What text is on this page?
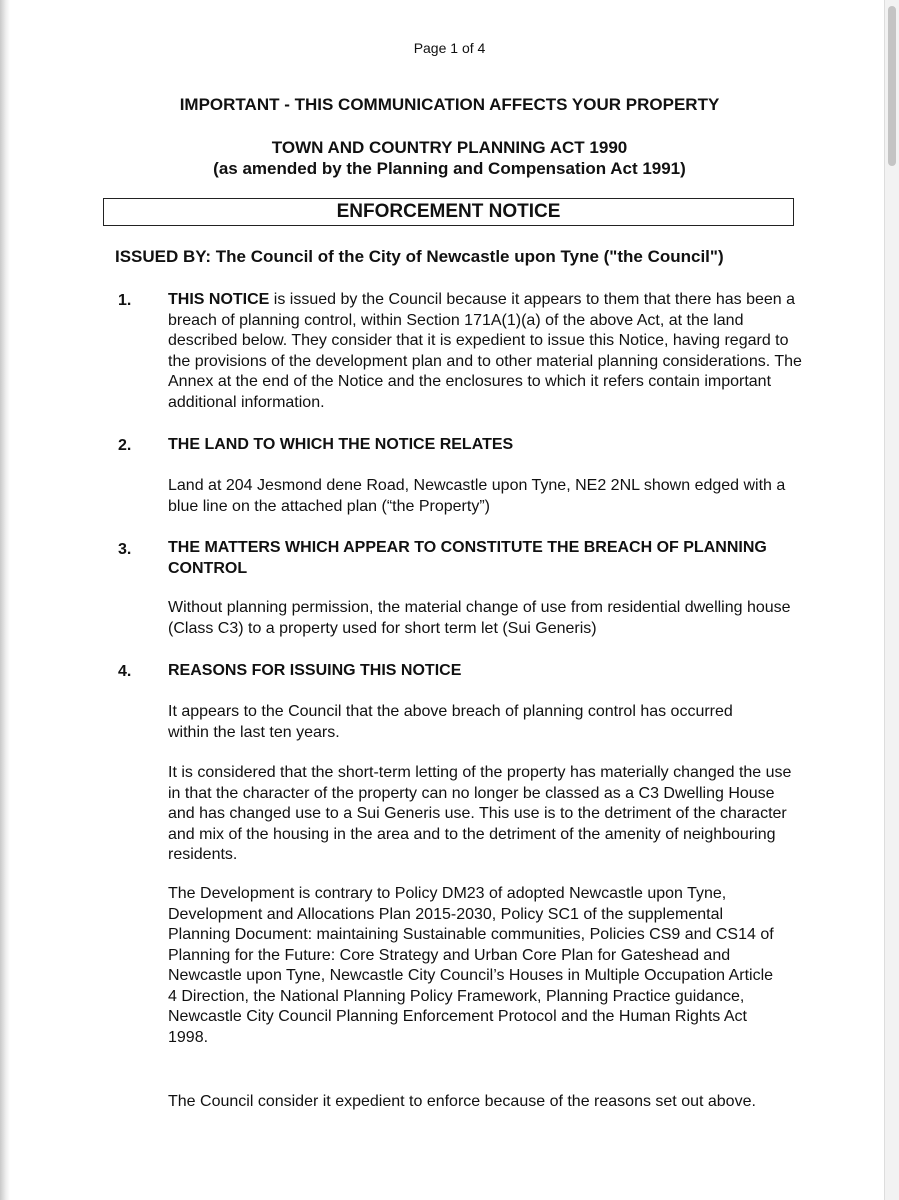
Page 1 of 4
IMPORTANT - THIS COMMUNICATION AFFECTS YOUR PROPERTY
TOWN AND COUNTRY PLANNING ACT 1990
(as amended by the Planning and Compensation Act 1991)
ENFORCEMENT NOTICE
ISSUED BY: The Council of the City of Newcastle upon Tyne ("the Council")
1. THIS NOTICE is issued by the Council because it appears to them that there has been a breach of planning control, within Section 171A(1)(a) of the above Act, at the land described below. They consider that it is expedient to issue this Notice, having regard to the provisions of the development plan and to other material planning considerations. The Annex at the end of the Notice and the enclosures to which it refers contain important additional information.

2. THE LAND TO WHICH THE NOTICE RELATES
Land at 204 Jesmond dene Road, Newcastle upon Tyne, NE2 2NL shown edged with a blue line on the attached plan (“the Property”)
3. THE MATTERS WHICH APPEAR TO CONSTITUTE THE BREACH OF PLANNING CONTROL
Without planning permission, the material change of use from residential dwelling house (Class C3) to a property used for short term let (Sui Generis)
4. REASONS FOR ISSUING THIS NOTICE
It appears to the Council that the above breach of planning control has occurred within the last ten years.
It is considered that the short-term letting of the property has materially changed the use in that the character of the property can no longer be classed as a C3 Dwelling House and has changed use to a Sui Generis use. This use is to the detriment of the character and mix of the housing in the area and to the detriment of the amenity of neighbouring residents.
The Development is contrary to Policy DM23 of adopted Newcastle upon Tyne, Development and Allocations Plan 2015-2030, Policy SC1 of the supplemental Planning Document: maintaining Sustainable communities, Policies CS9 and CS14 of Planning for the Future: Core Strategy and Urban Core Plan for Gateshead and Newcastle upon Tyne, Newcastle City Council’s Houses in Multiple Occupation Article 4 Direction, the National Planning Policy Framework, Planning Practice guidance, Newcastle City Council Planning Enforcement Protocol and the Human Rights Act 1998.
The Council consider it expedient to enforce because of the reasons set out above.
